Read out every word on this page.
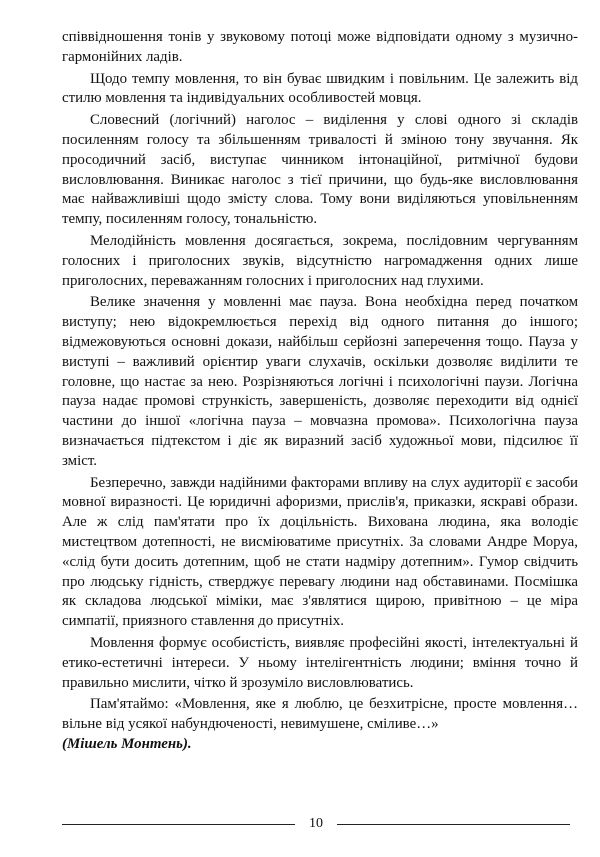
співвідношення тонів у звуковому потоці може відповідати одному з музично-гармонійних ладів.

Щодо темпу мовлення, то він буває швидким і повільним. Це залежить від стилю мовлення та індивідуальних особливостей мовця.

Словесний (логічний) наголос – виділення у слові одного зі складів посиленням голосу та збільшенням тривалості й зміною тону звучання. Як просодичний засіб, виступає чинником інтонаційної, ритмічної будови висловлювання. Виникає наголос з тієї причини, що будь-яке висловлювання має найважливіші щодо змісту слова. Тому вони виділяються уповільненням темпу, посиленням голосу, тональністю.

Мелодійність мовлення досягається, зокрема, послідовним чергуванням голосних і приголосних звуків, відсутністю нагромадження одних лише приголосних, переважанням голосних і приголосних над глухими.

Велике значення у мовленні має пауза. Вона необхідна перед початком виступу; нею відокремлюється перехід від одного питання до іншого; відмежовуються основні докази, найбільш серйозні заперечення тощо. Пауза у виступі – важливий орієнтир уваги слухачів, оскільки дозволяє виділити те головне, що настає за нею. Розрізняються логічні і психологічні паузи. Логічна пауза надає промові стрункість, завершеність, дозволяє переходити від однієї частини до іншої «логічна пауза – мовчазна промова». Психологічна пауза визначається підтекстом і діє як виразний засіб художньої мови, підсилює її зміст.

Безперечно, завжди надійними факторами впливу на слух аудиторії є засоби мовної виразності. Це юридичні афоризми, прислів'я, приказки, яскраві образи. Але ж слід пам'ятати про їх доцільність. Вихована людина, яка володіє мистецтвом дотепності, не висміюватиме присутніх. За словами Андре Моруа, «слід бути досить дотепним, щоб не стати надміру дотепним». Гумор свідчить про людську гідність, стверджує перевагу людини над обставинами. Посмішка як складова людської міміки, має з'являтися щирою, привітною – це міра симпатії, приязного ставлення до присутніх.

Мовлення формує особистість, виявляє професійні якості, інтелектуальні й етико-естетичні інтереси. У ньому інтелігентність людини; вміння точно й правильно мислити, чітко й зрозуміло висловлюватись.

Пам'ятаймо: «Мовлення, яке я люблю, це безхитрісне, просте мовлення… вільне від усякої набундюченості, невимушене, сміливе…»

(Мішель Монтень).

10
